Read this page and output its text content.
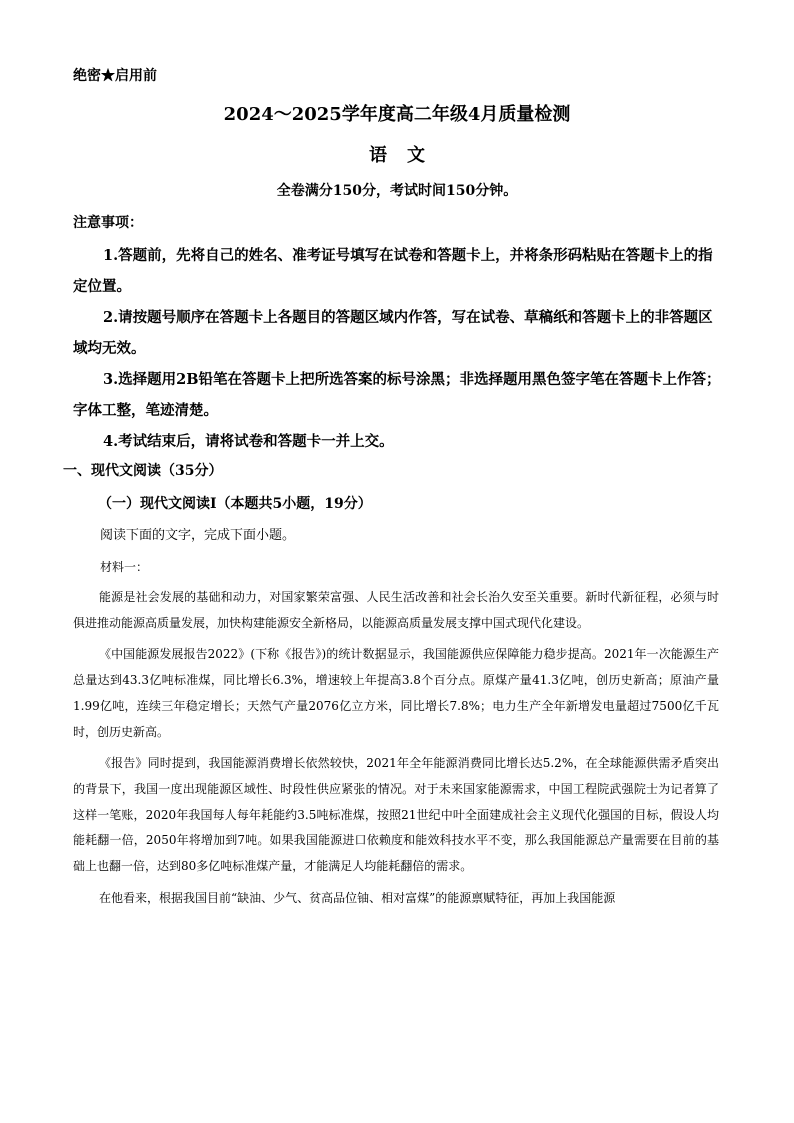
绝密★启用前
2024～2025学年度高二年级4月质量检测
语文
全卷满分150分，考试时间150分钟。
注意事项：

1.答题前，先将自己的姓名、准考证号填写在试卷和答题卡上，并将条形码粘贴在答题卡上的指定位置。

2.请按题号顺序在答题卡上各题目的答题区域内作答，写在试卷、草稿纸和答题卡上的非答题区域均无效。

3.选择题用2B铅笔在答题卡上把所选答案的标号涂黑；非选择题用黑色签字笔在答题卡上作答；字体工整，笔迹清楚。

4.考试结束后，请将试卷和答题卡一并上交。

一、现代文阅读（35分）
（一）现代文阅读Ⅰ（本题共5小题，19分）
阅读下面的文字，完成下面小题。
材料一：

能源是社会发展的基础和动力，对国家繁荣富强、人民生活改善和社会长治久安至关重要。新时代新征程，必须与时俱进推动能源高质量发展，加快构建能源安全新格局，以能源高质量发展支撑中国式现代化建设。

《中国能源发展报告2022》(下称《报告》)的统计数据显示，我国能源供应保障能力稳步提高。2021年一次能源生产总量达到43.3亿吨标准煤，同比增长6.3%，增速较上年提高3.8个百分点。原煤产量41.3亿吨，创历史新高；原油产量1.99亿吨，连续三年稳定增长；天然气产量2076亿立方米，同比增长7.8%；电力生产全年新增发电量超过7500亿千瓦时，创历史新高。

《报告》同时提到，我国能源消费增长依然较快，2021年全年能源消费同比增长达5.2%，在全球能源供需矛盾突出的背景下，我国一度出现能源区域性、时段性供应紧张的情况。对于未来国家能源需求，中国工程院武强院士为记者算了这样一笔账，2020年我国每人每年耗能约3.5吨标准煤，按照21世纪中叶全面建成社会主义现代化强国的目标，假设人均能耗翻一倍，2050年将增加到7吨。如果我国能源进口依赖度和能效科技水平不变，那么我国能源总产量需要在目前的基础上也翻一倍，达到80多亿吨标准煤产量，才能满足人均能耗翻倍的需求。

在他看来，根据我国目前“缺油、少气、贫高品位铀、相对富煤”的能源禀赋特征，再加上我国能源
